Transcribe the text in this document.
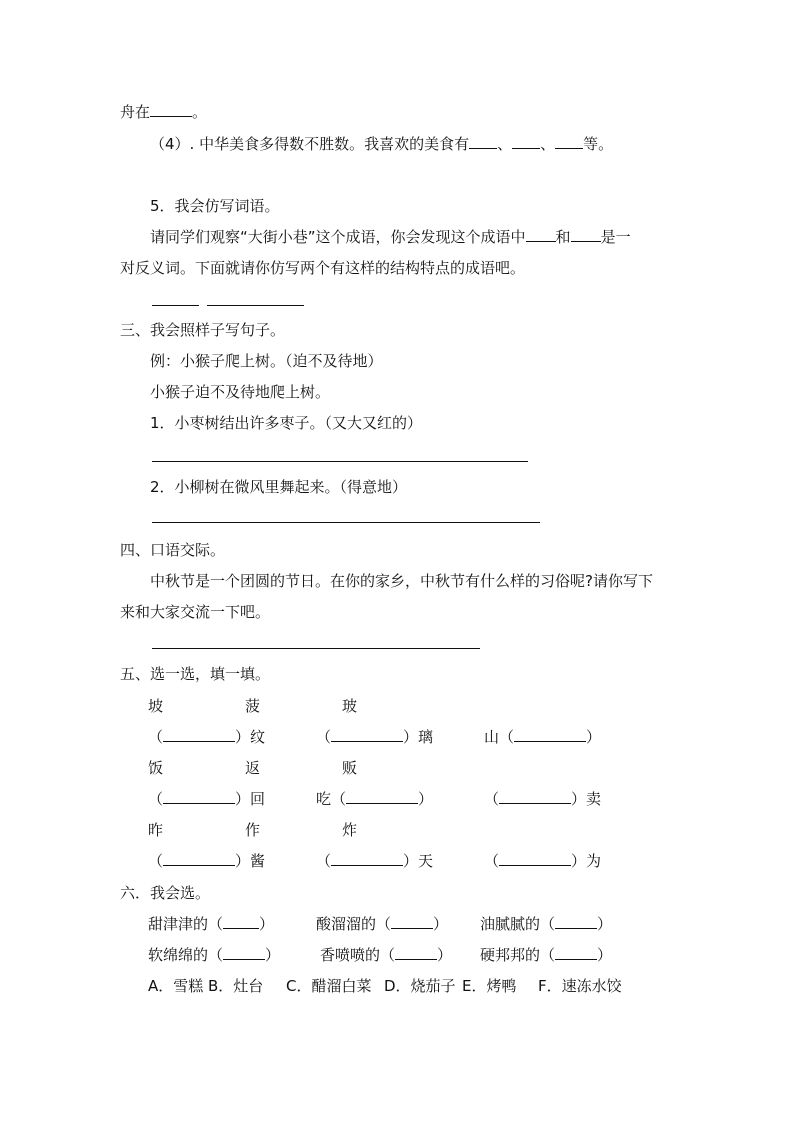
舟在	。
（4）. 中华美食多得数不胜数。我喜欢的美食有 、 、 等。
5．我会仿写词语。
请同学们观察“大街小巷”这个成语，你会发现这个成语中 和 是一
对反义词。下面就请你仿写两个有这样的结构特点的成语吧。
三、我会照样子写句子。
例：小猴子爬上树。（迫不及待地）
小猴子迫不及待地爬上树。
1．小枣树结出许多枣子。（又大又红的）
2．小柳树在微风里舞起来。（得意地）
四、口语交际。
中秋节是一个团圆的节日。在你的家乡，中秋节有什么样的习俗呢?请你写下
来和大家交流一下吧。
五、选一选，填一填。
坡	菠	玻
（	）纹	（	）璃	山（	）
饭	返	贩
（	）回	吃（	）	（	）卖
昨	作	炸
（	）酱	（	）天	（	）为
六．我会选。
甜津津的（ ）	酸溜溜的（	） 油腻腻的（	）
软绵绵的（	）	香喷喷的（	） 硬邦邦的（	）
A．雪糕 B．灶台 C．醋溜白菜 D．烧茄子 E．烤鸭 F．速冻水饺
